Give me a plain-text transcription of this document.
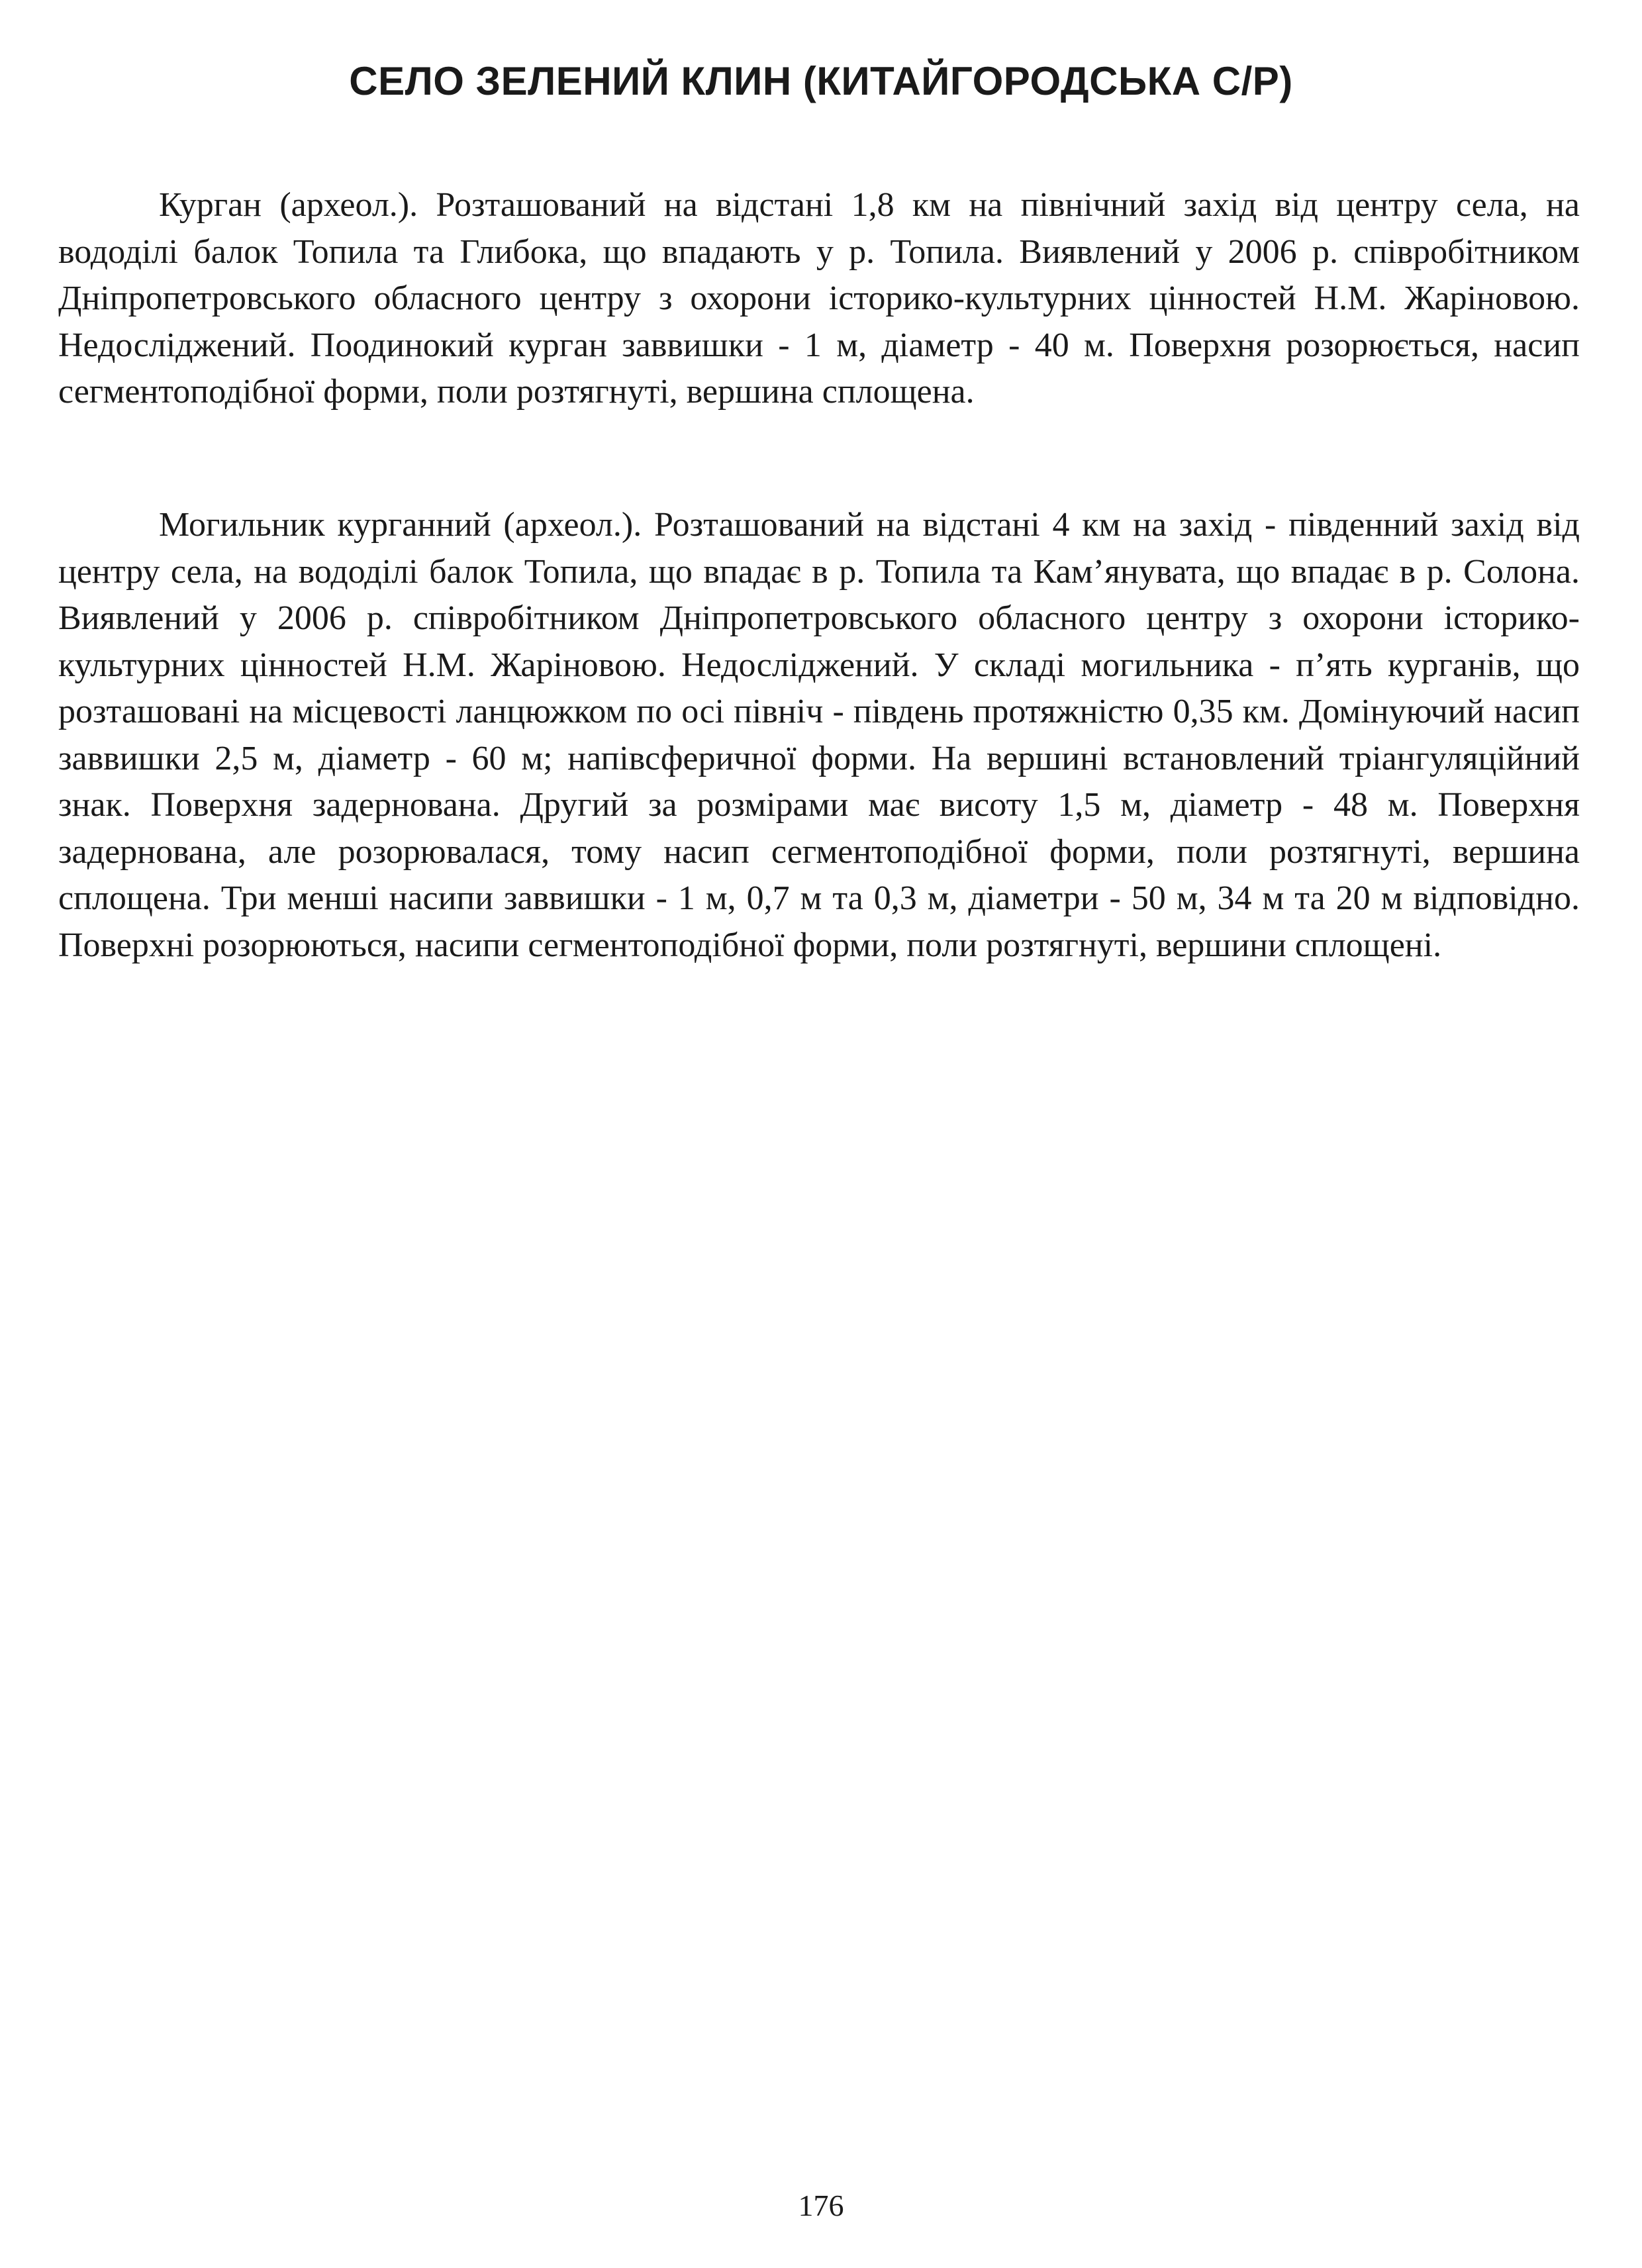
СЕЛО ЗЕЛЕНИЙ КЛИН (КИТАЙГОРОДСЬКА С/Р)

Курган (археол.). Розташований на відстані 1,8 км на північний захід від центру села, на вододілі балок Топила та Глибока, що впадають у р. Топила. Виявлений у 2006 р. співробітником Дніпропетровського обласного центру з охорони історико-культурних цінностей Н.М. Жаріновою. Недосліджений. Поодинокий курган заввишки - 1 м, діаметр - 40 м. Поверхня розорюється, насип сегментоподібної форми, поли розтягнуті, вершина сплощена.

Могильник курганний (археол.). Розташований на відстані 4 км на захід - південний захід від центру села, на вододілі балок Топила, що впадає в р. Топила та Кам’янувата, що впадає в р. Солона. Виявлений у 2006 р. співробітником Дніпропетровського обласного центру з охорони історико-культурних цінностей Н.М. Жаріновою. Недосліджений. У складі могильника - п’ять курганів, що розташовані на місцевості ланцюжком по осі північ - південь протяжністю 0,35 км. Домінуючий насип заввишки 2,5 м, діаметр - 60 м; напівсферичної форми. На вершині встановлений тріангуляційний знак. Поверхня задернована. Другий за розмірами має висоту 1,5 м, діаметр - 48 м. Поверхня задернована, але розорювалася, тому насип сегментоподібної форми, поли розтягнуті, вершина сплощена. Три менші насипи заввишки - 1 м, 0,7 м та 0,3 м, діаметри - 50 м, 34 м та 20 м відповідно. Поверхні розорюються, насипи сегментоподібної форми, поли розтягнуті, вершини сплощені.

176
